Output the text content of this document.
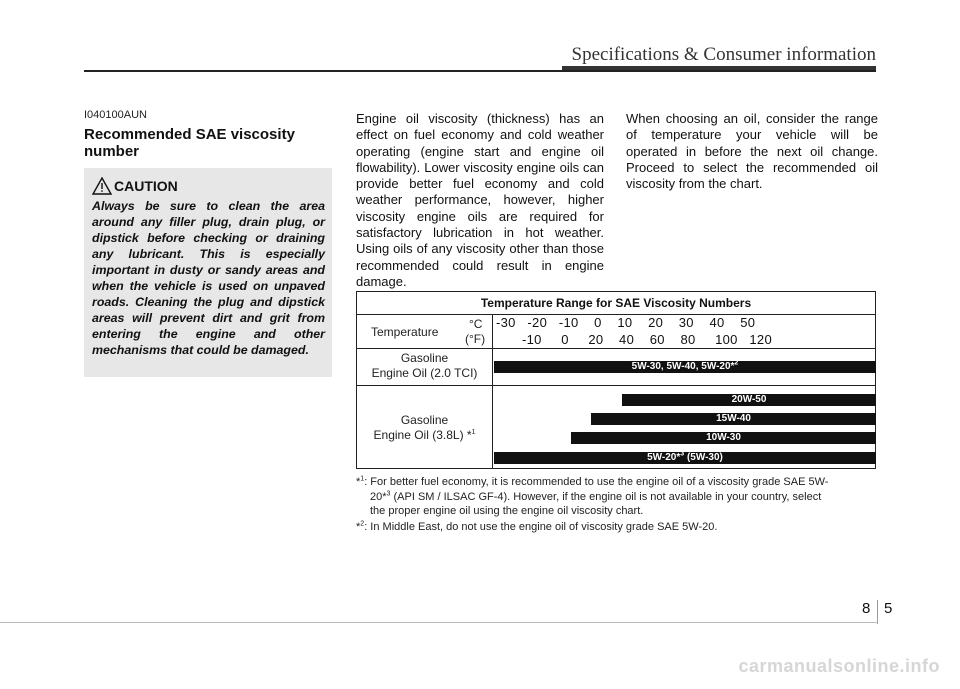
Specifications & Consumer information
I040100AUN
Recommended SAE viscosity number
CAUTION
Always be sure to clean the area around any filler plug, drain plug, or dipstick before checking or draining any lubricant. This is especially important in dusty or sandy areas and when the vehicle is used on unpaved roads. Cleaning the plug and dipstick areas will prevent dirt and grit from entering the engine and other mechanisms that could be damaged.
Engine oil viscosity (thickness) has an effect on fuel economy and cold weather operating (engine start and engine oil flowability). Lower viscosity engine oils can provide better fuel economy and cold weather performance, however, higher viscosity engine oils are required for satisfactory lubrication in hot weather. Using oils of any viscosity other than those recommended could result in engine damage.
When choosing an oil, consider the range of temperature your vehicle will be operated in before the next oil change. Proceed to select the recommended oil viscosity from the chart.
Temperature Range for SAE Viscosity Numbers
Temperature
°C
(°F)
-30   -20   -10    0    10    20    30    40    50
-10     0     20    40    60    80     100   120
Gasoline
Engine Oil (2.0 TCI)	5W-30, 5W-40, 5W-20*$^2$
Gasoline
Engine Oil (3.8L) *$^1$
20W-50
15W-40
10W-30
5W-20*$^3$ (5W-30)
*$^1$: For better fuel economy, it is recommended to use the engine oil of a viscosity grade SAE 5W-
20*$^3$ (API SM / ILSAC GF-4). However, if the engine oil is not available in your country, select
the proper engine oil using the engine oil viscosity chart.
*$^2$: In Middle East, do not use the engine oil of viscosity grade SAE 5W-20.
8 5
carmanualsonline.info
